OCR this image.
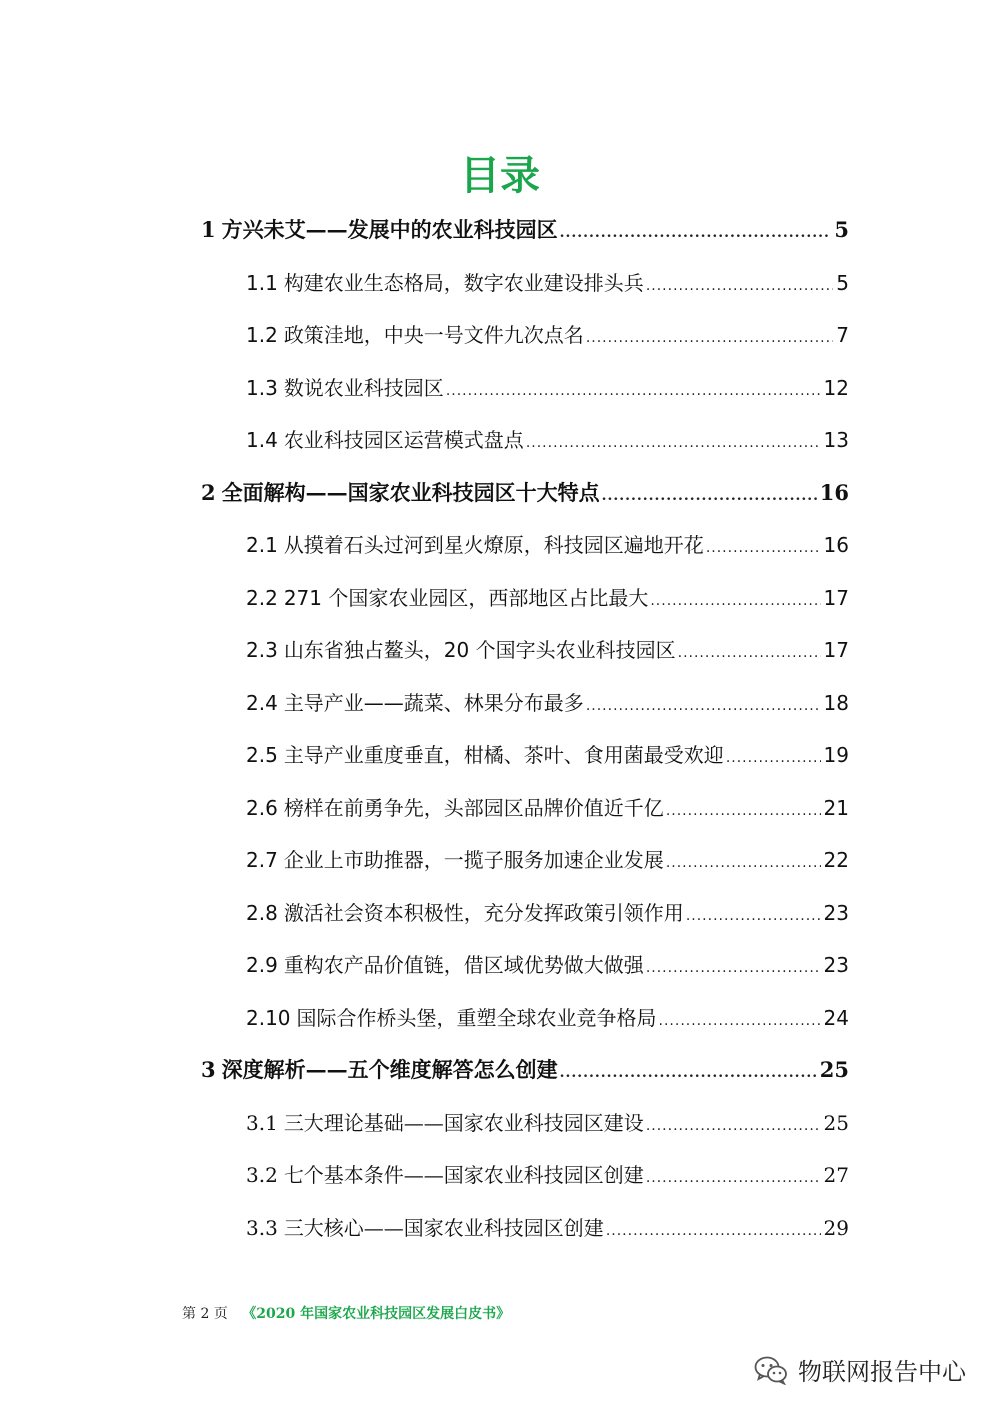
目录
1 方兴未艾——发展中的农业科技园区 .....	5
1.1 构建农业生态格局，数字农业建设排头兵 .....	5
1.2 政策洼地，中央一号文件九次点名 .....	7
1.3 数说农业科技园区 .....	12
1.4 农业科技园区运营模式盘点 .....	13
2 全面解构——国家农业科技园区十大特点 .....	16
2.1 从摸着石头过河到星火燎原，科技园区遍地开花 .....	16
2.2 271 个国家农业园区，西部地区占比最大 .....	17
2.3 山东省独占鳌头，20 个国字头农业科技园区 .....	17
2.4 主导产业——蔬菜、林果分布最多 .....	18
2.5 主导产业重度垂直，柑橘、茶叶、食用菌最受欢迎 .....	19
2.6 榜样在前勇争先，头部园区品牌价值近千亿 .....	21
2.7 企业上市助推器，一揽子服务加速企业发展 .....	22
2.8 激活社会资本积极性，充分发挥政策引领作用 .....	23
2.9 重构农产品价值链，借区域优势做大做强 .....	23
2.10 国际合作桥头堡，重塑全球农业竞争格局 .....	24
3 深度解析——五个维度解答怎么创建 .....	25
3.1 三大理论基础——国家农业科技园区建设 .....	25
3.2 七个基本条件——国家农业科技园区创建 .....	27
3.3 三大核心——国家农业科技园区创建 .....	29
第 2 页 《2020 年国家农业科技园区发展白皮书》
物联网报告中心
